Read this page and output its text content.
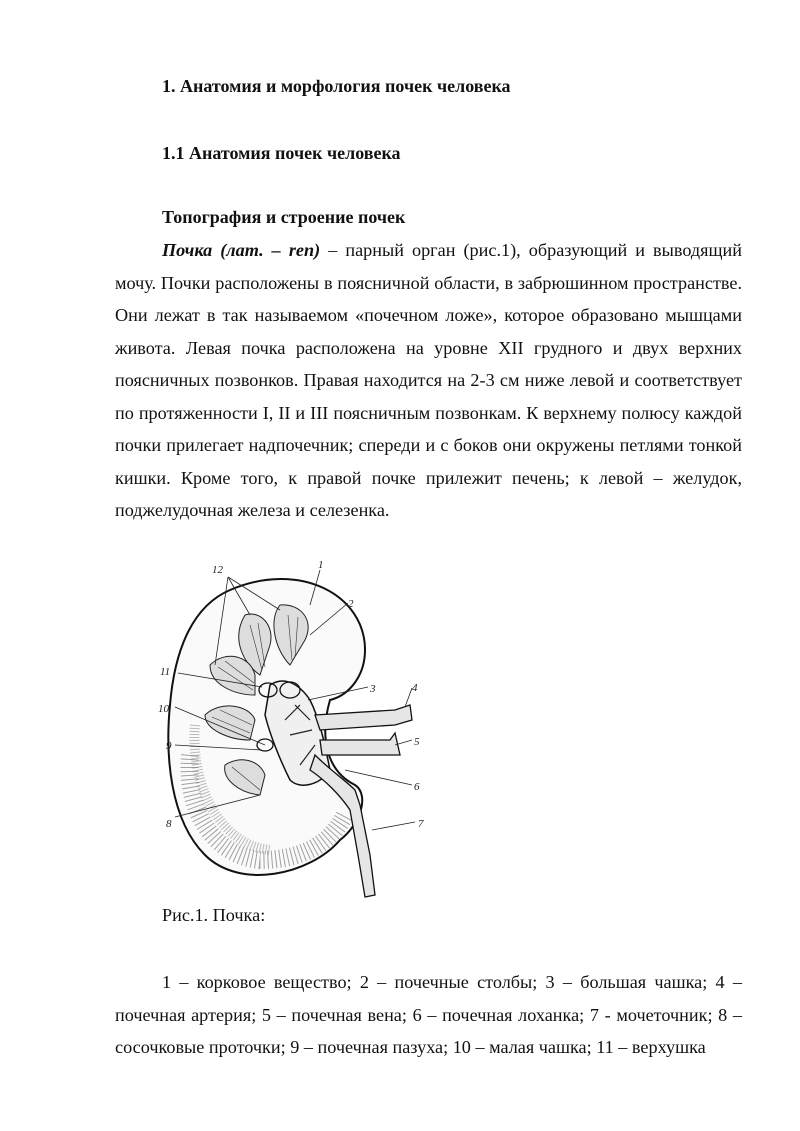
1. Анатомия и морфология почек человека
1.1 Анатомия почек человека
Топография и строение почек
Почка (лат. – ren) – парный орган (рис.1), образующий и выводящий мочу. Почки расположены в поясничной области, в забрюшинном пространстве. Они лежат в так называемом «почечном ложе», которое образовано мышцами живота. Левая почка расположена на уровне XII грудного и двух верхних поясничных позвонков. Правая находится на 2-3 см ниже левой и соответствует по протяженности I, II и III поясничным позвонкам. К верхнему полюсу каждой почки прилегает надпочечник; спереди и с боков они окружены петлями тонкой кишки. Кроме того, к правой почке прилежит печень; к левой – желудок, поджелудочная железа и селезенка.
12	1
2
11
3	4
10
5
9
6
8	7
Рис.1. Почка:
1 – корковое вещество; 2 – почечные столбы; 3 – большая чашка; 4 – почечная артерия; 5 – почечная вена; 6 – почечная лоханка; 7 - мочеточник; 8 – сосочковые проточки; 9 – почечная пазуха; 10 – малая чашка; 11 – верхушка
